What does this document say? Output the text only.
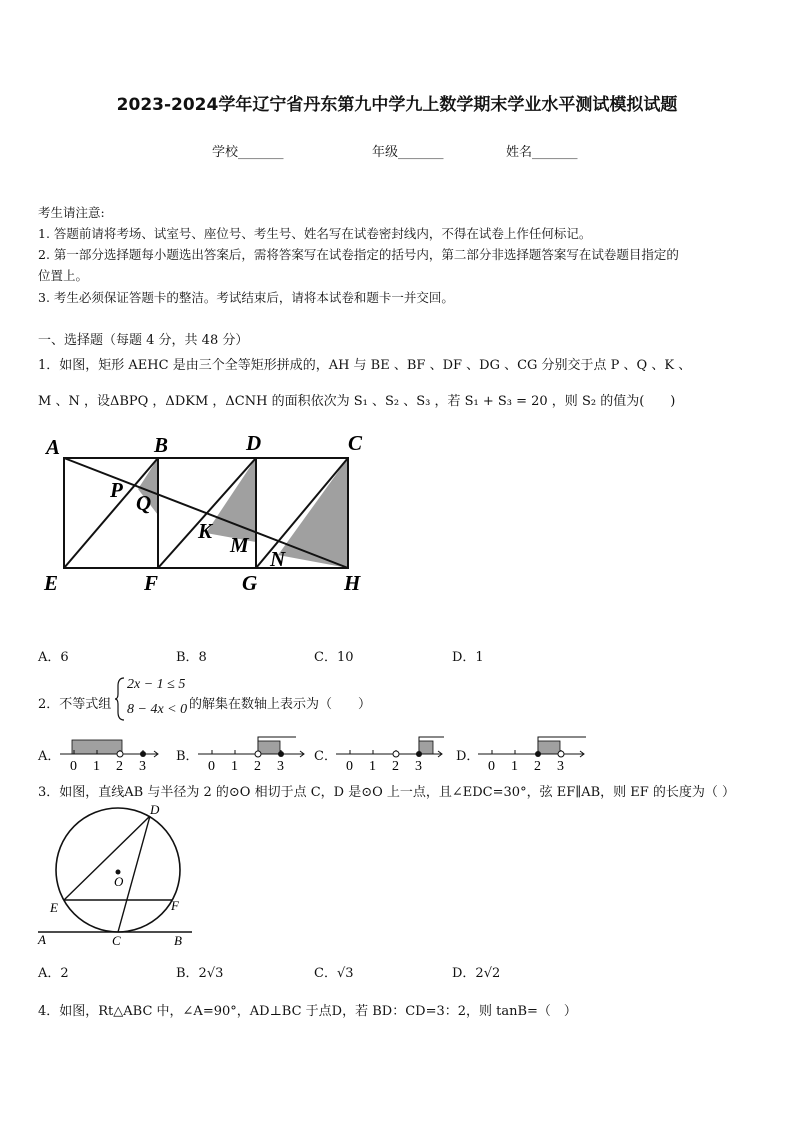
2023-2024学年辽宁省丹东第九中学九上数学期末学业水平测试模拟试题
学校_______	年级_______	姓名_______
考生请注意:
1. 答题前请将考场、试室号、座位号、考生号、姓名写在试卷密封线内，不得在试卷上作任何标记。
2. 第一部分选择题每小题选出答案后，需将答案写在试卷指定的括号内，第二部分非选择题答案写在试卷题目指定的
位置上。
3. 考生必须保证答题卡的整洁。考试结束后，请将本试卷和题卡一并交回。
一、选择题（每题 4 分，共 48 分）
1．如图，矩形 AEHC 是由三个全等矩形拼成的，AH 与 BE 、BF 、DF 、DG 、CG 分别交于点 P 、Q 、K 、
M 、N ，设ΔBPQ ，ΔDKM ，ΔCNH 的面积依次为 S₁ 、S₂ 、S₃ ，若 S₁ + S₃ = 20 ，则 S₂ 的值为(　　)
A	B	D	C
E	F	G	H
P
Q
K
M
N
A．6	B．8	C．10	D．1
2．不等式组
2x − 1 ≤ 5
8 − 4x < 0 的解集在数轴上表示为（　　）
A．
0 1 2 3
B．
0 1 2 3
C．
0 1 2 3
D．
0 1 2 3
3．如图，直线AB 与半径为 2 的⊙O 相切于点 C，D 是⊙O 上一点，且∠EDC=30°，弦 EF∥AB，则 EF 的长度为（ ）
D
O
E	F
A	C	B
A．2	B．2√3	C．√3	D．2√2
4．如图，Rt△ABC 中，∠A=90°，AD⊥BC 于点D，若 BD：CD=3：2，则 tanB=（　）
